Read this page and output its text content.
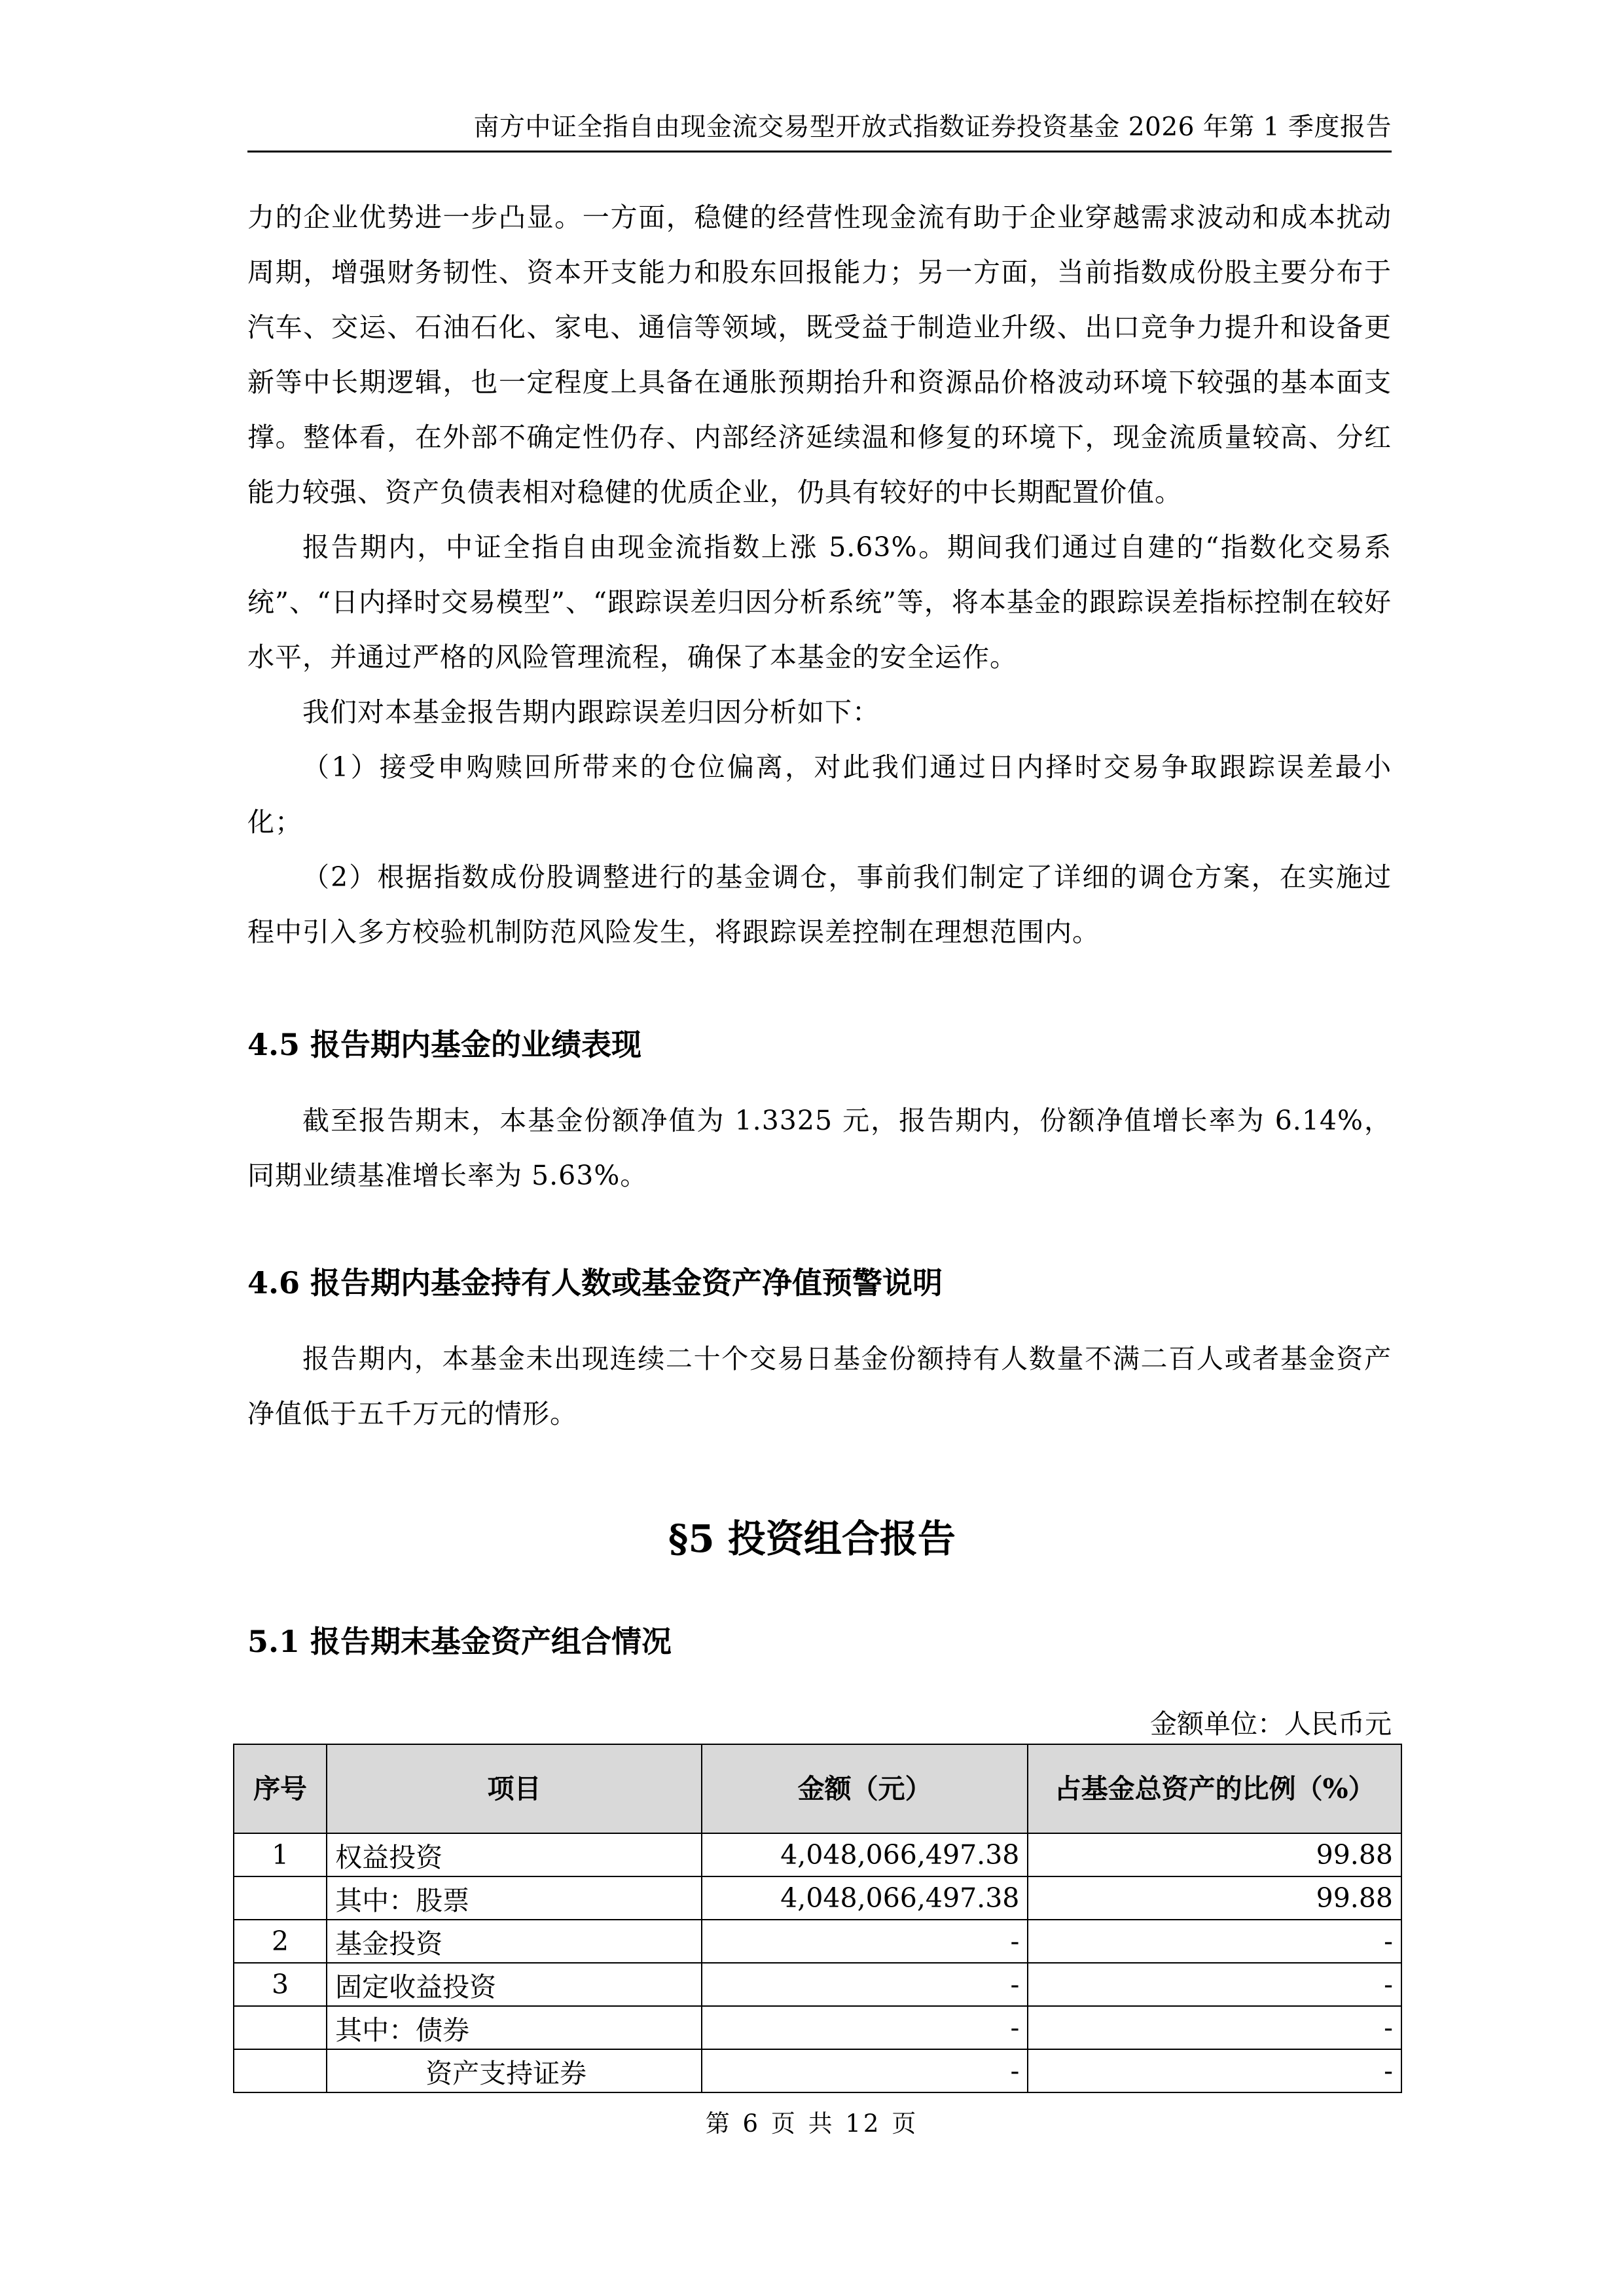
南方中证全指自由现金流交易型开放式指数证券投资基金 2026 年第 1 季度报告

力的企业优势进一步凸显。一方面，稳健的经营性现金流有助于企业穿越需求波动和成本扰动周期，增强财务韧性、资本开支能力和股东回报能力；另一方面，当前指数成份股主要分布于汽车、交运、石油石化、家电、通信等领域，既受益于制造业升级、出口竞争力提升和设备更新等中长期逻辑，也一定程度上具备在通胀预期抬升和资源品价格波动环境下较强的基本面支撑。整体看，在外部不确定性仍存、内部经济延续温和修复的环境下，现金流质量较高、分红能力较强、资产负债表相对稳健的优质企业，仍具有较好的中长期配置价值。

报告期内，中证全指自由现金流指数上涨 5.63%。期间我们通过自建的“指数化交易系统”、“日内择时交易模型”、“跟踪误差归因分析系统”等，将本基金的跟踪误差指标控制在较好水平，并通过严格的风险管理流程，确保了本基金的安全运作。

我们对本基金报告期内跟踪误差归因分析如下：

（1）接受申购赎回所带来的仓位偏离，对此我们通过日内择时交易争取跟踪误差最小化；

（2）根据指数成份股调整进行的基金调仓，事前我们制定了详细的调仓方案，在实施过程中引入多方校验机制防范风险发生，将跟踪误差控制在理想范围内。

4.5 报告期内基金的业绩表现

截至报告期末，本基金份额净值为 1.3325 元，报告期内，份额净值增长率为 6.14%，同期业绩基准增长率为 5.63%。

4.6 报告期内基金持有人数或基金资产净值预警说明

报告期内，本基金未出现连续二十个交易日基金份额持有人数量不满二百人或者基金资产净值低于五千万元的情形。

§5 投资组合报告
5.1 报告期末基金资产组合情况
金额单位：人民币元
序号	项目	金额（元）	占基金总资产的比例（%）
1	权益投资	4,048,066,497.38	99.88
	其中：股票	4,048,066,497.38	99.88
2	基金投资	-	-
3	固定收益投资	-	-
	其中：债券	-	-
	资产支持证券	-	-
第 6 页 共 12 页
